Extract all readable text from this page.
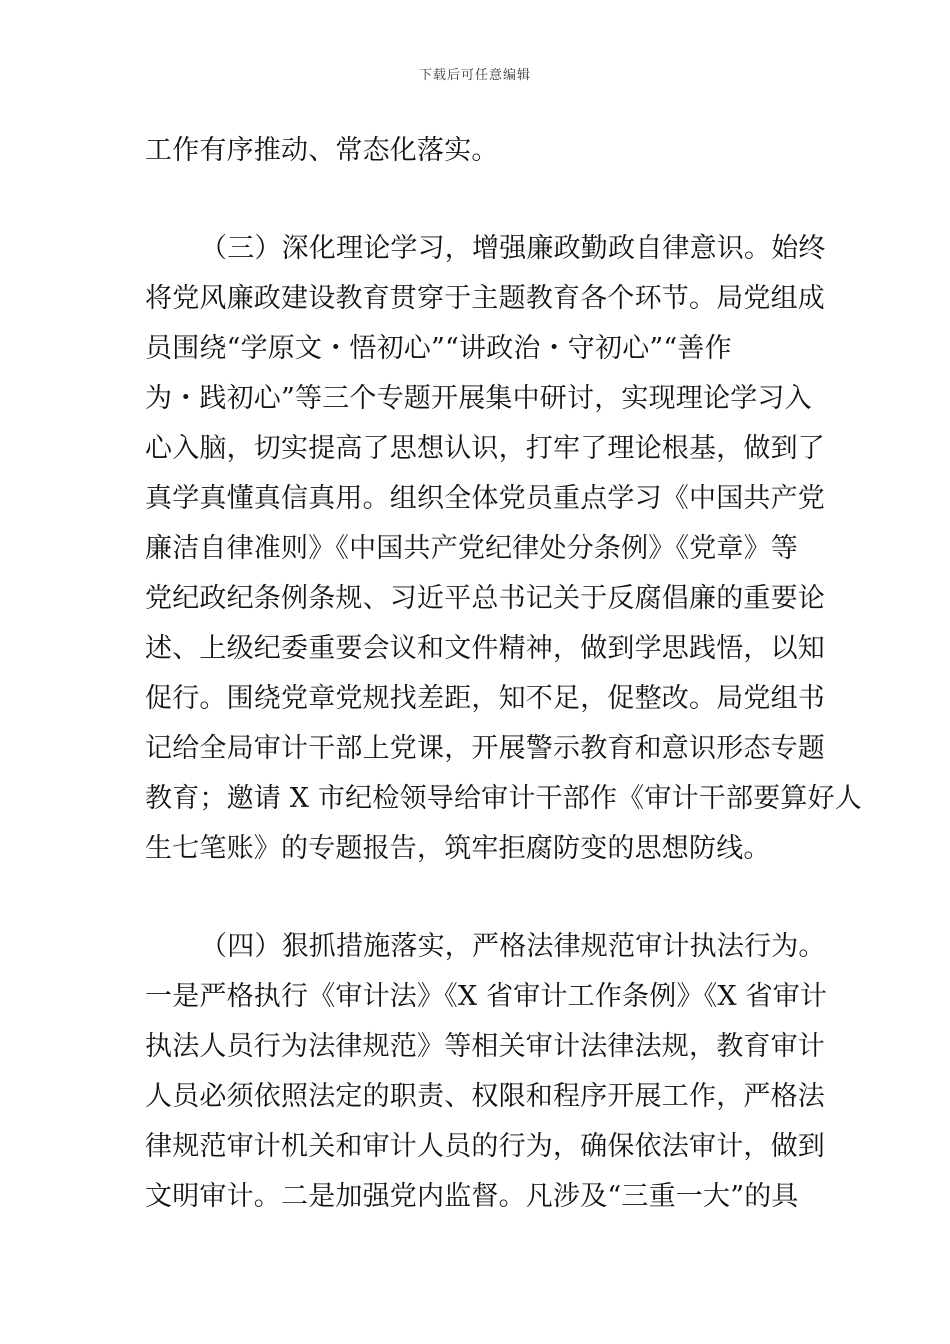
下载后可任意编辑
工作有序推动、常态化落实。
（三）深化理论学习，增强廉政勤政自律意识。始终
将党风廉政建设教育贯穿于主题教育各个环节。局党组成
员围绕“学原文・悟初心”“讲政治・守初心”“善作
为・践初心”等三个专题开展集中研讨，实现理论学习入
心入脑，切实提高了思想认识，打牢了理论根基，做到了
真学真懂真信真用。组织全体党员重点学习《中国共产党
廉洁自律准则》《中国共产党纪律处分条例》《党章》等
党纪政纪条例条规、习近平总书记关于反腐倡廉的重要论
述、上级纪委重要会议和文件精神，做到学思践悟，以知
促行。围绕党章党规找差距，知不足，促整改。局党组书
记给全局审计干部上党课，开展警示教育和意识形态专题
教育；邀请 X 市纪检领导给审计干部作《审计干部要算好人
生七笔账》的专题报告，筑牢拒腐防变的思想防线。
（四）狠抓措施落实，严格法律规范审计执法行为。
一是严格执行《审计法》《X 省审计工作条例》《X 省审计
执法人员行为法律规范》等相关审计法律法规，教育审计
人员必须依照法定的职责、权限和程序开展工作，严格法
律规范审计机关和审计人员的行为，确保依法审计，做到
文明审计。二是加强党内监督。凡涉及“三重一大”的具
